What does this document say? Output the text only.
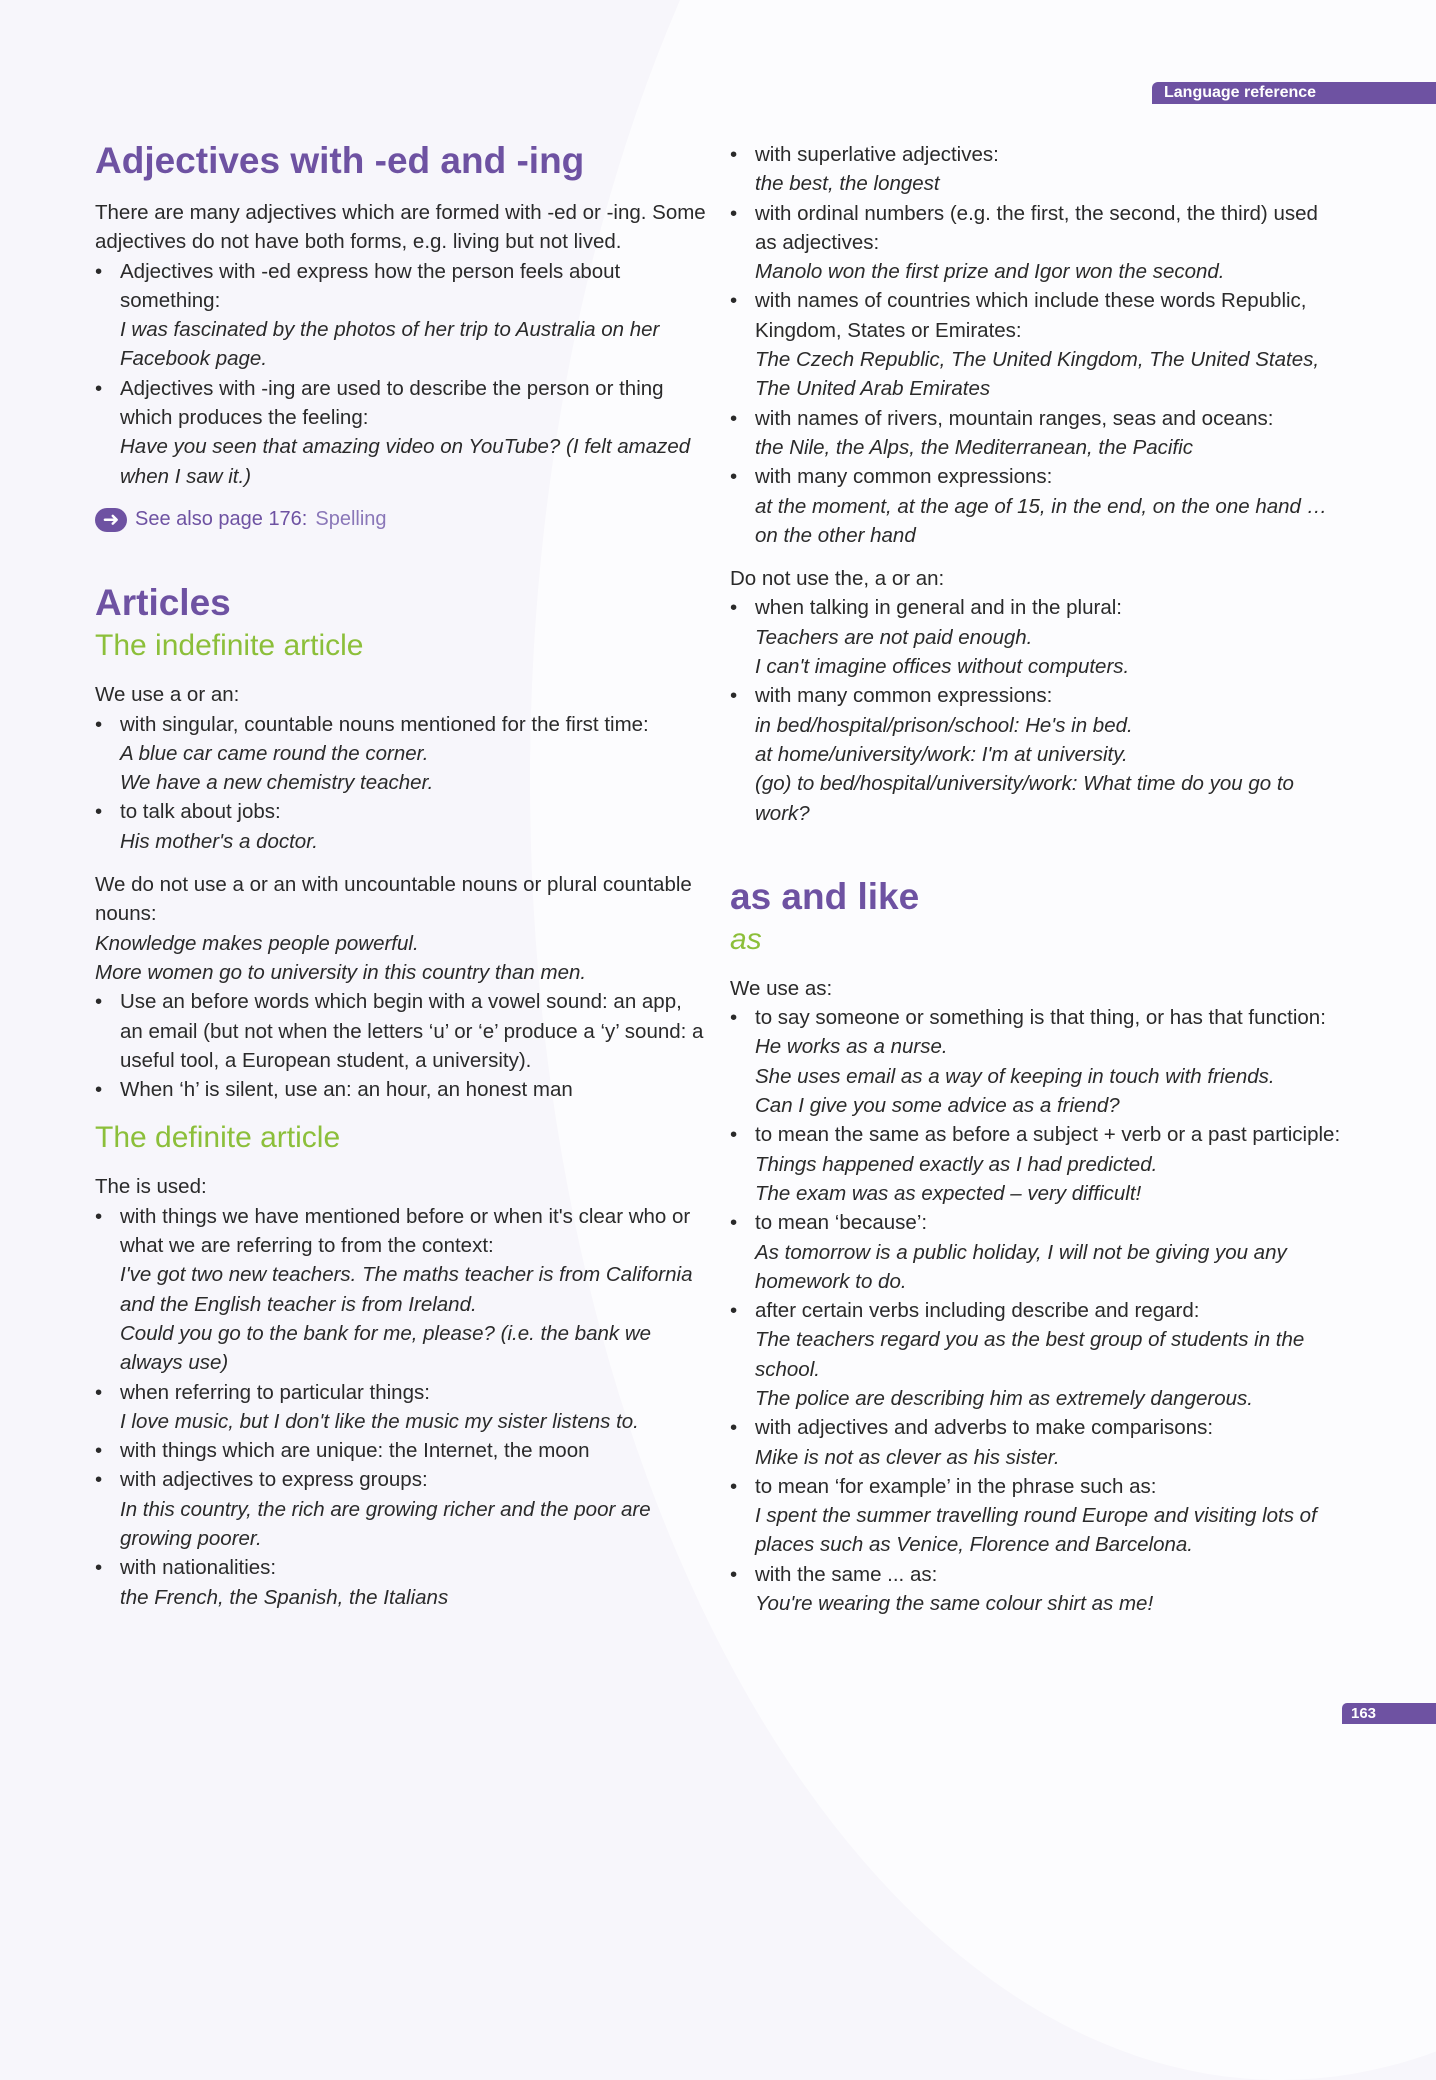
Language reference
Adjectives with -ed and -ing

There are many adjectives which are formed with -ed or -ing. Some adjectives do not have both forms, e.g. living but not lived.

• Adjectives with -ed express how the person feels about something:
I was fascinated by the photos of her trip to Australia on her Facebook page.
• Adjectives with -ing are used to describe the person or thing which produces the feeling:
Have you seen that amazing video on YouTube? (I felt amazed when I saw it.)
➜ See also page 176: Spelling
Articles
The indefinite article

We use a or an:

• with singular, countable nouns mentioned for the first time:
A blue car came round the corner.
We have a new chemistry teacher.
• to talk about jobs:
His mother's a doctor.

We do not use a or an with uncountable nouns or plural countable nouns:

Knowledge makes people powerful.

More women go to university in this country than men.

• Use an before words which begin with a vowel sound: an app, an email (but not when the letters ‘u’ or ‘e’ produce a ‘y’ sound: a useful tool, a European student, a university).
• When ‘h’ is silent, use an: an hour, an honest man
The definite article

The is used:

• with things we have mentioned before or when it's clear who or what we are referring to from the context:
I've got two new teachers. The maths teacher is from California and the English teacher is from Ireland.
Could you go to the bank for me, please? (i.e. the bank we always use)
• when referring to particular things:
I love music, but I don't like the music my sister listens to.
• with things which are unique: the Internet, the moon
• with adjectives to express groups:
In this country, the rich are growing richer and the poor are growing poorer.
• with nationalities:
the French, the Spanish, the Italians
• with superlative adjectives:
the best, the longest
• with ordinal numbers (e.g. the first, the second, the third) used as adjectives:
Manolo won the first prize and Igor won the second.
• with names of countries which include these words Republic, Kingdom, States or Emirates:
The Czech Republic, The United Kingdom, The United States, The United Arab Emirates
• with names of rivers, mountain ranges, seas and oceans:
the Nile, the Alps, the Mediterranean, the Pacific
• with many common expressions:
at the moment, at the age of 15, in the end, on the one hand … on the other hand

Do not use the, a or an:

• when talking in general and in the plural:
Teachers are not paid enough.
I can't imagine offices without computers.
• with many common expressions:
in bed/hospital/prison/school: He's in bed.
at home/university/work: I'm at university.
(go) to bed/hospital/university/work: What time do you go to work?
as and like
as

We use as:

• to say someone or something is that thing, or has that function:
He works as a nurse.
She uses email as a way of keeping in touch with friends.
Can I give you some advice as a friend?
• to mean the same as before a subject + verb or a past participle:
Things happened exactly as I had predicted.
The exam was as expected – very difficult!
• to mean ‘because’:
As tomorrow is a public holiday, I will not be giving you any homework to do.
• after certain verbs including describe and regard:
The teachers regard you as the best group of students in the school.
The police are describing him as extremely dangerous.
• with adjectives and adverbs to make comparisons:
Mike is not as clever as his sister.
• to mean ‘for example’ in the phrase such as:
I spent the summer travelling round Europe and visiting lots of places such as Venice, Florence and Barcelona.
• with the same ... as:
You're wearing the same colour shirt as me!
163
